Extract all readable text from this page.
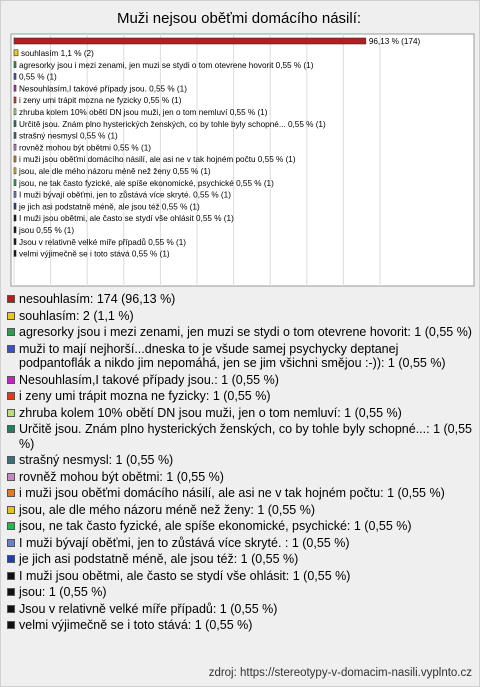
Muži nejsou oběťmi domácího násilí:
96,13 % (174)
souhlasím 1,1 % (2)
agresorky jsou i mezi zenami, jen muzi se stydi o tom otevrene hovorit 0,55 % (1)
0,55 % (1)
Nesouhlasím,I takové případy jsou. 0,55 % (1)
i zeny umi trápit mozna ne fyzicky 0,55 % (1)
zhruba kolem 10% obětí DN jsou muži, jen o tom nemluví 0,55 % (1)
Určitě jsou. Znám plno hysterických ženských, co by tohle byly schopné... 0,55 % (1)
strašný nesmysl 0,55 % (1)
rovněž mohou být obětmi 0,55 % (1)
i muži jsou oběťmi domácího násilí, ale asi ne v tak hojném počtu 0,55 % (1)
jsou, ale dle mého názoru méně než ženy 0,55 % (1)
jsou, ne tak často fyzické, ale spíše ekonomické, psychické 0,55 % (1)
I muži bývají oběťmi, jen to zůstává více skryté. 0,55 % (1)
je jich asi podstatně méně, ale jsou též 0,55 % (1)
I muži jsou obětmi, ale často se stydí vše ohlásit 0,55 % (1)
jsou 0,55 % (1)
Jsou v relativně velké míře případů 0,55 % (1)
velmi výjimečně se i toto stává 0,55 % (1)
nesouhlasím: 174 (96,13 %)
souhlasím: 2 (1,1 %)
agresorky jsou i mezi zenami, jen muzi se stydi o tom otevrene hovorit: 1 (0,55 %)
muži to mají nejhorší...dneska to je všude samej psychycky deptanej podpantoflák a nikdo jim nepomáhá, jen se jim všichni smějou :-)): 1 (0,55 %)
Nesouhlasím,I takové případy jsou.: 1 (0,55 %)
i zeny umi trápit mozna ne fyzicky: 1 (0,55 %)
zhruba kolem 10% obětí DN jsou muži, jen o tom nemluví: 1 (0,55 %)
Určitě jsou. Znám plno hysterických ženských, co by tohle byly schopné...: 1 (0,55 %)
strašný nesmysl: 1 (0,55 %)
rovněž mohou být obětmi: 1 (0,55 %)
i muži jsou oběťmi domácího násilí, ale asi ne v tak hojném počtu: 1 (0,55 %)
jsou, ale dle mého názoru méně než ženy: 1 (0,55 %)
jsou, ne tak často fyzické, ale spíše ekonomické, psychické: 1 (0,55 %)
I muži bývají oběťmi, jen to zůstává více skryté. : 1 (0,55 %)
je jich asi podstatně méně, ale jsou též: 1 (0,55 %)
I muži jsou obětmi, ale často se stydí vše ohlásit: 1 (0,55 %)
jsou: 1 (0,55 %)
Jsou v relativně velké míře případů: 1 (0,55 %)
velmi výjimečně se i toto stává: 1 (0,55 %)
zdroj: https://stereotypy-v-domacim-nasili.vyplnto.cz
